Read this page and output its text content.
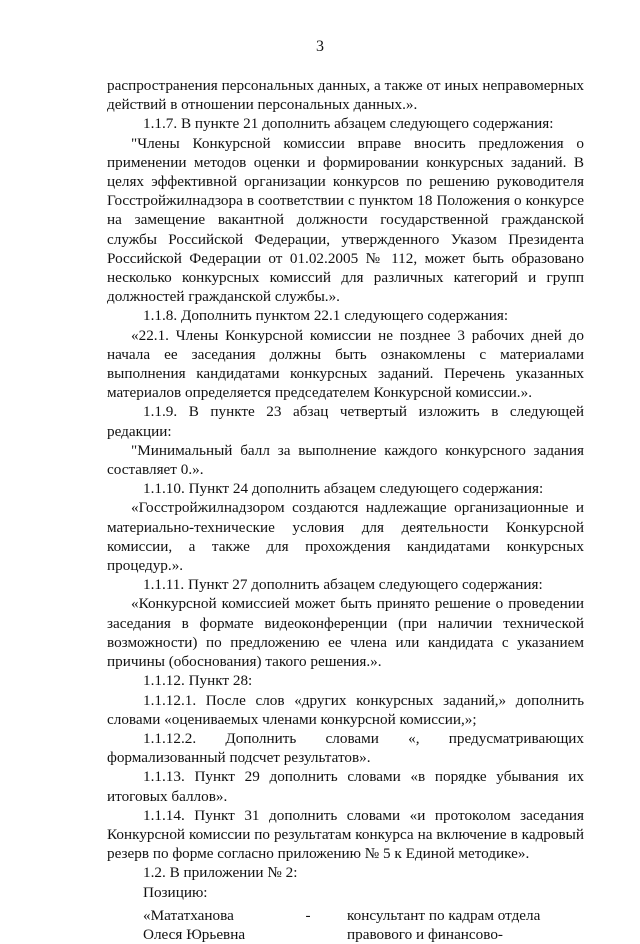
3

распространения персональных данных, а также от иных неправомерных действий в отношении персональных данных.».

1.1.7. В пункте 21 дополнить абзацем следующего содержания:

"Члены Конкурсной комиссии вправе вносить предложения о применении методов оценки и формировании конкурсных заданий. В целях эффективной организации конкурсов по решению руководителя Госстройжилнадзора в соответствии с пунктом 18 Положения о конкурсе на замещение вакантной должности государственной гражданской службы Российской Федерации, утвержденного Указом Президента Российской Федерации от 01.02.2005 № 112, может быть образовано несколько конкурсных комиссий для различных категорий и групп должностей гражданской службы.».

1.1.8. Дополнить пунктом 22.1 следующего содержания:

«22.1. Члены Конкурсной комиссии не позднее 3 рабочих дней до начала ее заседания должны быть ознакомлены с материалами выполнения кандидатами конкурсных заданий. Перечень указанных материалов определяется председателем Конкурсной комиссии.».

1.1.9. В пункте 23 абзац четвертый изложить в следующей редакции:

"Минимальный балл за выполнение каждого конкурсного задания составляет 0.».

1.1.10. Пункт 24 дополнить абзацем следующего содержания:

«Госстройжилнадзором создаются надлежащие организационные и материально-технические условия для деятельности Конкурсной комиссии, а также для прохождения кандидатами конкурсных процедур.».

1.1.11. Пункт 27 дополнить абзацем следующего содержания:

«Конкурсной комиссией может быть принято решение о проведении заседания в формате видеоконференции (при наличии технической возможности) по предложению ее члена или кандидата с указанием причины (обоснования) такого решения.».

1.1.12. Пункт 28:

1.1.12.1. После слов «других конкурсных заданий,» дополнить словами «оцениваемых членами конкурсной комиссии,»;

1.1.12.2. Дополнить словами «, предусматривающих формализованный подсчет результатов».

1.1.13. Пункт 29 дополнить словами «в порядке убывания их итоговых баллов».

1.1.14. Пункт 31 дополнить словами «и протоколом заседания Конкурсной комиссии по результатам конкурса на включение в кадровый резерв по форме согласно приложению № 5 к Единой методике».

1.2. В приложении № 2:

Позицию:

«Мататханова	-	консультант по кадрам отдела
Олеся Юрьевна	правового и финансово-
